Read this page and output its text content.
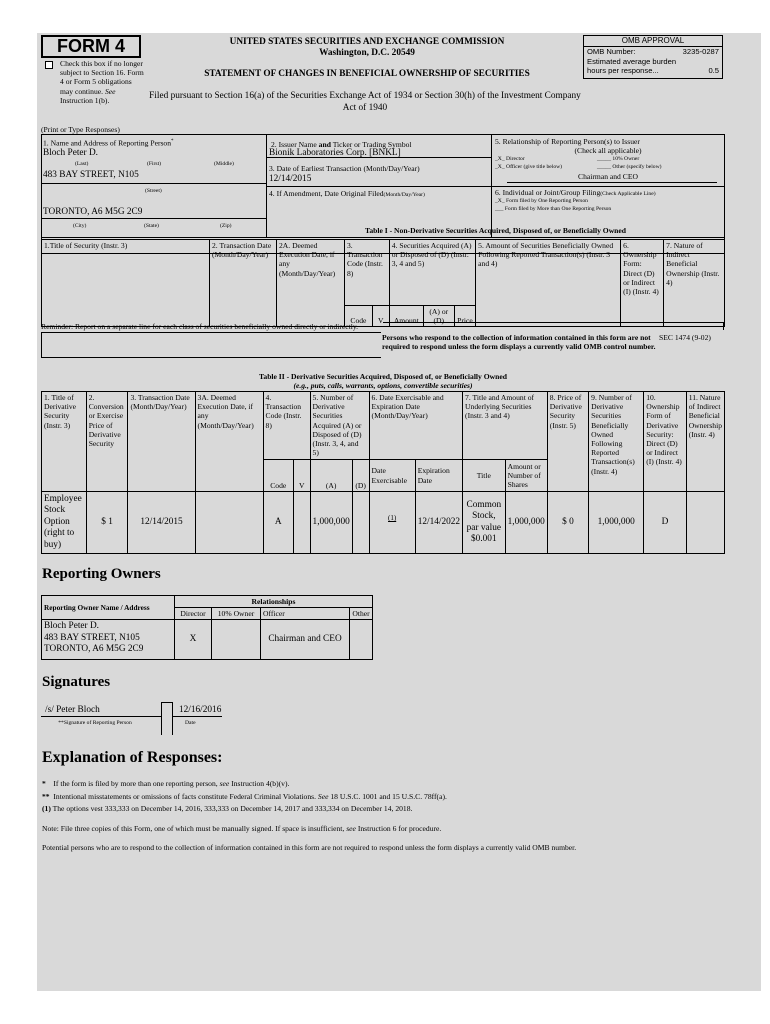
FORM 4
Check this box if no longer subject to Section 16. Form 4 or Form 5 obligations may continue. See Instruction 1(b).
UNITED STATES SECURITIES AND EXCHANGE COMMISSION
Washington, D.C. 20549
STATEMENT OF CHANGES IN BENEFICIAL OWNERSHIP OF SECURITIES
Filed pursuant to Section 16(a) of the Securities Exchange Act of 1934 or Section 30(h) of the Investment Company Act of 1940
OMB APPROVAL
OMB Number:	3235-0287
Estimated average burden
hours per response...	0.5
(Print or Type Responses)
1. Name and Address of Reporting Person*
Bloch Peter D.
(Last)	(First)	(Middle)
483 BAY STREET, N105
(Street)
TORONTO, A6 M5G 2C9
(City)	(State)	(Zip)
2. Issuer Name and Ticker or Trading Symbol
Bionik Laboratories Corp. [BNKL]
3. Date of Earliest Transaction (Month/Day/Year)
12/14/2015
4. If Amendment, Date Original Filed(Month/Day/Year)
5. Relationship of Reporting Person(s) to Issuer
(Check all applicable)
_X_ Director	_____ 10% Owner
_X_ Officer (give title below)	_____ Other (specify below)
Chairman and CEO
6. Individual or Joint/Group Filing(Check Applicable Line)
_X_ Form filed by One Reporting Person
___ Form filed by More than One Reporting Person
Table I - Non-Derivative Securities Acquired, Disposed of, or Beneficially Owned
1.Title of Security (Instr. 3)	2. Transaction Date (Month/Day/Year)	2A. Deemed Execution Date, if any (Month/Day/Year)	3. Transaction Code (Instr. 8)		4. Securities Acquired (A) or Disposed of (D) (Instr. 3, 4 and 5)			5. Amount of Securities Beneficially Owned Following Reported Transaction(s) (Instr. 3 and 4)	6. Ownership Form: Direct (D) or Indirect (I) (Instr. 4)	7. Nature of Indirect Beneficial Ownership (Instr. 4)
			Code	V	Amount	(A) or (D)	Price			
Reminder: Report on a separate line for each class of securities beneficially owned directly or indirectly.
Persons who respond to the collection of information contained in this form are not required to respond unless the form displays a currently valid OMB control number.
SEC 1474 (9-02)
Table II - Derivative Securities Acquired, Disposed of, or Beneficially Owned
(e.g., puts, calls, warrants, options, convertible securities)
1. Title of Derivative Security (Instr. 3)	2. Conversion or Exercise Price of Derivative Security	3. Transaction Date (Month/Day/Year)	3A. Deemed Execution Date, if any (Month/Day/Year)	4. Transaction Code (Instr. 8)		5. Number of Derivative Securities Acquired (A) or Disposed of (D) (Instr. 3, 4, and 5)		6. Date Exercisable and Expiration Date (Month/Day/Year)		7. Title and Amount of Underlying Securities (Instr. 3 and 4)		8. Price of Derivative Security (Instr. 5)	9. Number of Derivative Securities Beneficially Owned Following Reported Transaction(s) (Instr. 4)	10. Ownership Form of Derivative Security: Direct (D) or Indirect (I) (Instr. 4)	11. Nature of Indirect Beneficial Ownership (Instr. 4)
				Code	V	(A)	(D)	Date Exercisable	Expiration Date	Title	Amount or Number of Shares				
Employee Stock Option (right to buy)	$ 1	12/14/2015		A		1,000,000		(1)	12/14/2022	Common Stock, par value $0.001	1,000,000	$ 0	1,000,000	D	
Reporting Owners
Reporting Owner Name / Address	Relationships			
	Director	10% Owner	Officer	Other

Bloch Peter D.
483 BAY STREET, N105
TORONTO, A6 M5G 2C9	X		Chairman and CEO	
Signatures
/s/ Peter Bloch	12/16/2016
**Signature of Reporting Person	Date
Explanation of Responses:
* If the form is filed by more than one reporting person, see Instruction 4(b)(v).
** Intentional misstatements or omissions of facts constitute Federal Criminal Violations. See 18 U.S.C. 1001 and 15 U.S.C. 78ff(a).
(1) The options vest 333,333 on December 14, 2016, 333,333 on December 14, 2017 and 333,334 on December 14, 2018.
Note: File three copies of this Form, one of which must be manually signed. If space is insufficient, see Instruction 6 for procedure.
Potential persons who are to respond to the collection of information contained in this form are not required to respond unless the form displays a currently valid OMB number.
